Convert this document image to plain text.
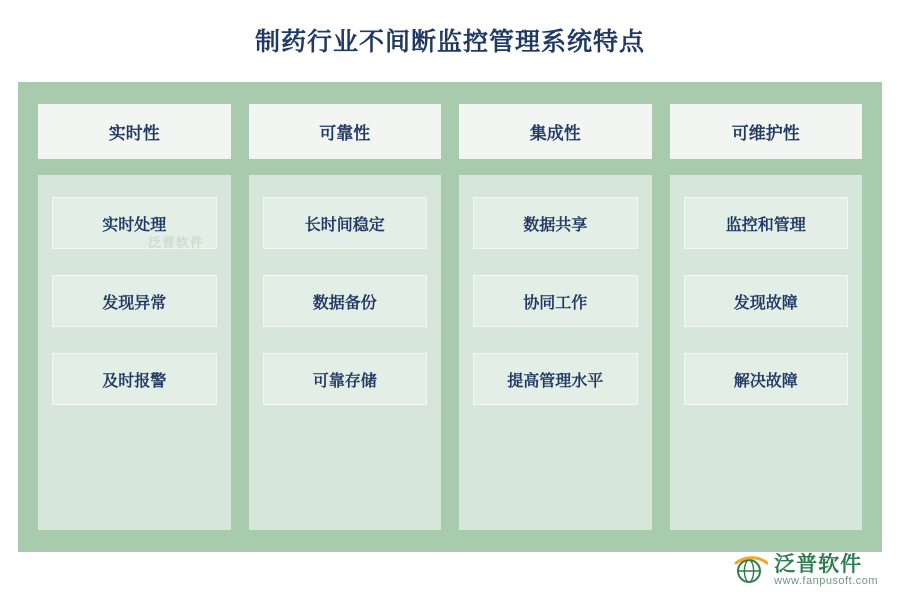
制药行业不间断监控管理系统特点
实时性
实时处理
发现异常
及时报警
可靠性
长时间稳定
数据备份
可靠存储
集成性
数据共享
协同工作
提高管理水平
可维护性
监控和管理
发现故障
解决故障
泛普软件
泛普软件
www.fanpusoft.com
